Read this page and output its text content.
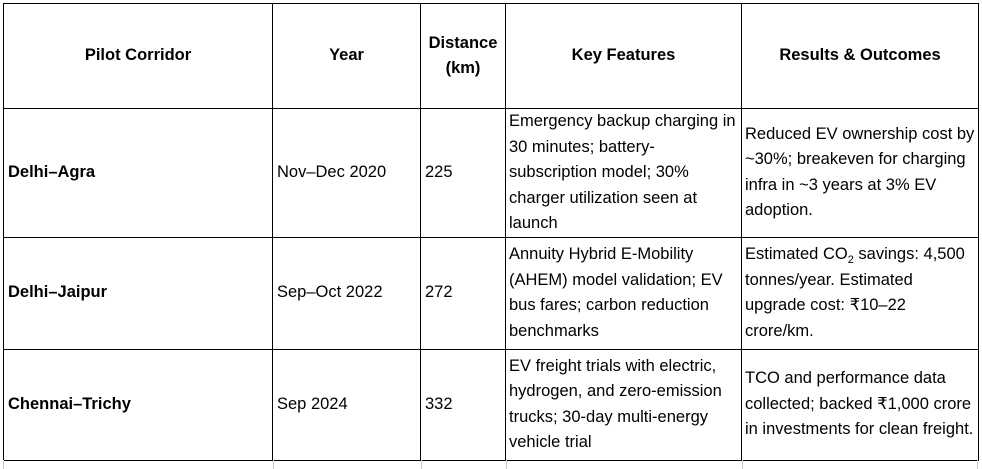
Pilot Corridor	Year	Distance (km)	Key Features	Results & Outcomes
Delhi–Agra	Nov–Dec 2020	225	Emergency backup charging in 30 minutes; battery-subscription model; 30% charger utilization seen at launch	Reduced EV ownership cost by ~30%; breakeven for charging infra in ~3 years at 3% EV adoption.
Delhi–Jaipur	Sep–Oct 2022	272	Annuity Hybrid E-Mobility (AHEM) model validation; EV bus fares; carbon reduction benchmarks	Estimated $CO_2$ savings: 4,500 tonnes/year. Estimated upgrade cost: ₹10–22 crore/km.
Chennai–Trichy	Sep 2024	332	EV freight trials with electric, hydrogen, and zero-emission trucks; 30-day multi-energy vehicle trial	TCO and performance data collected; backed ₹1,000 crore in investments for clean freight.
